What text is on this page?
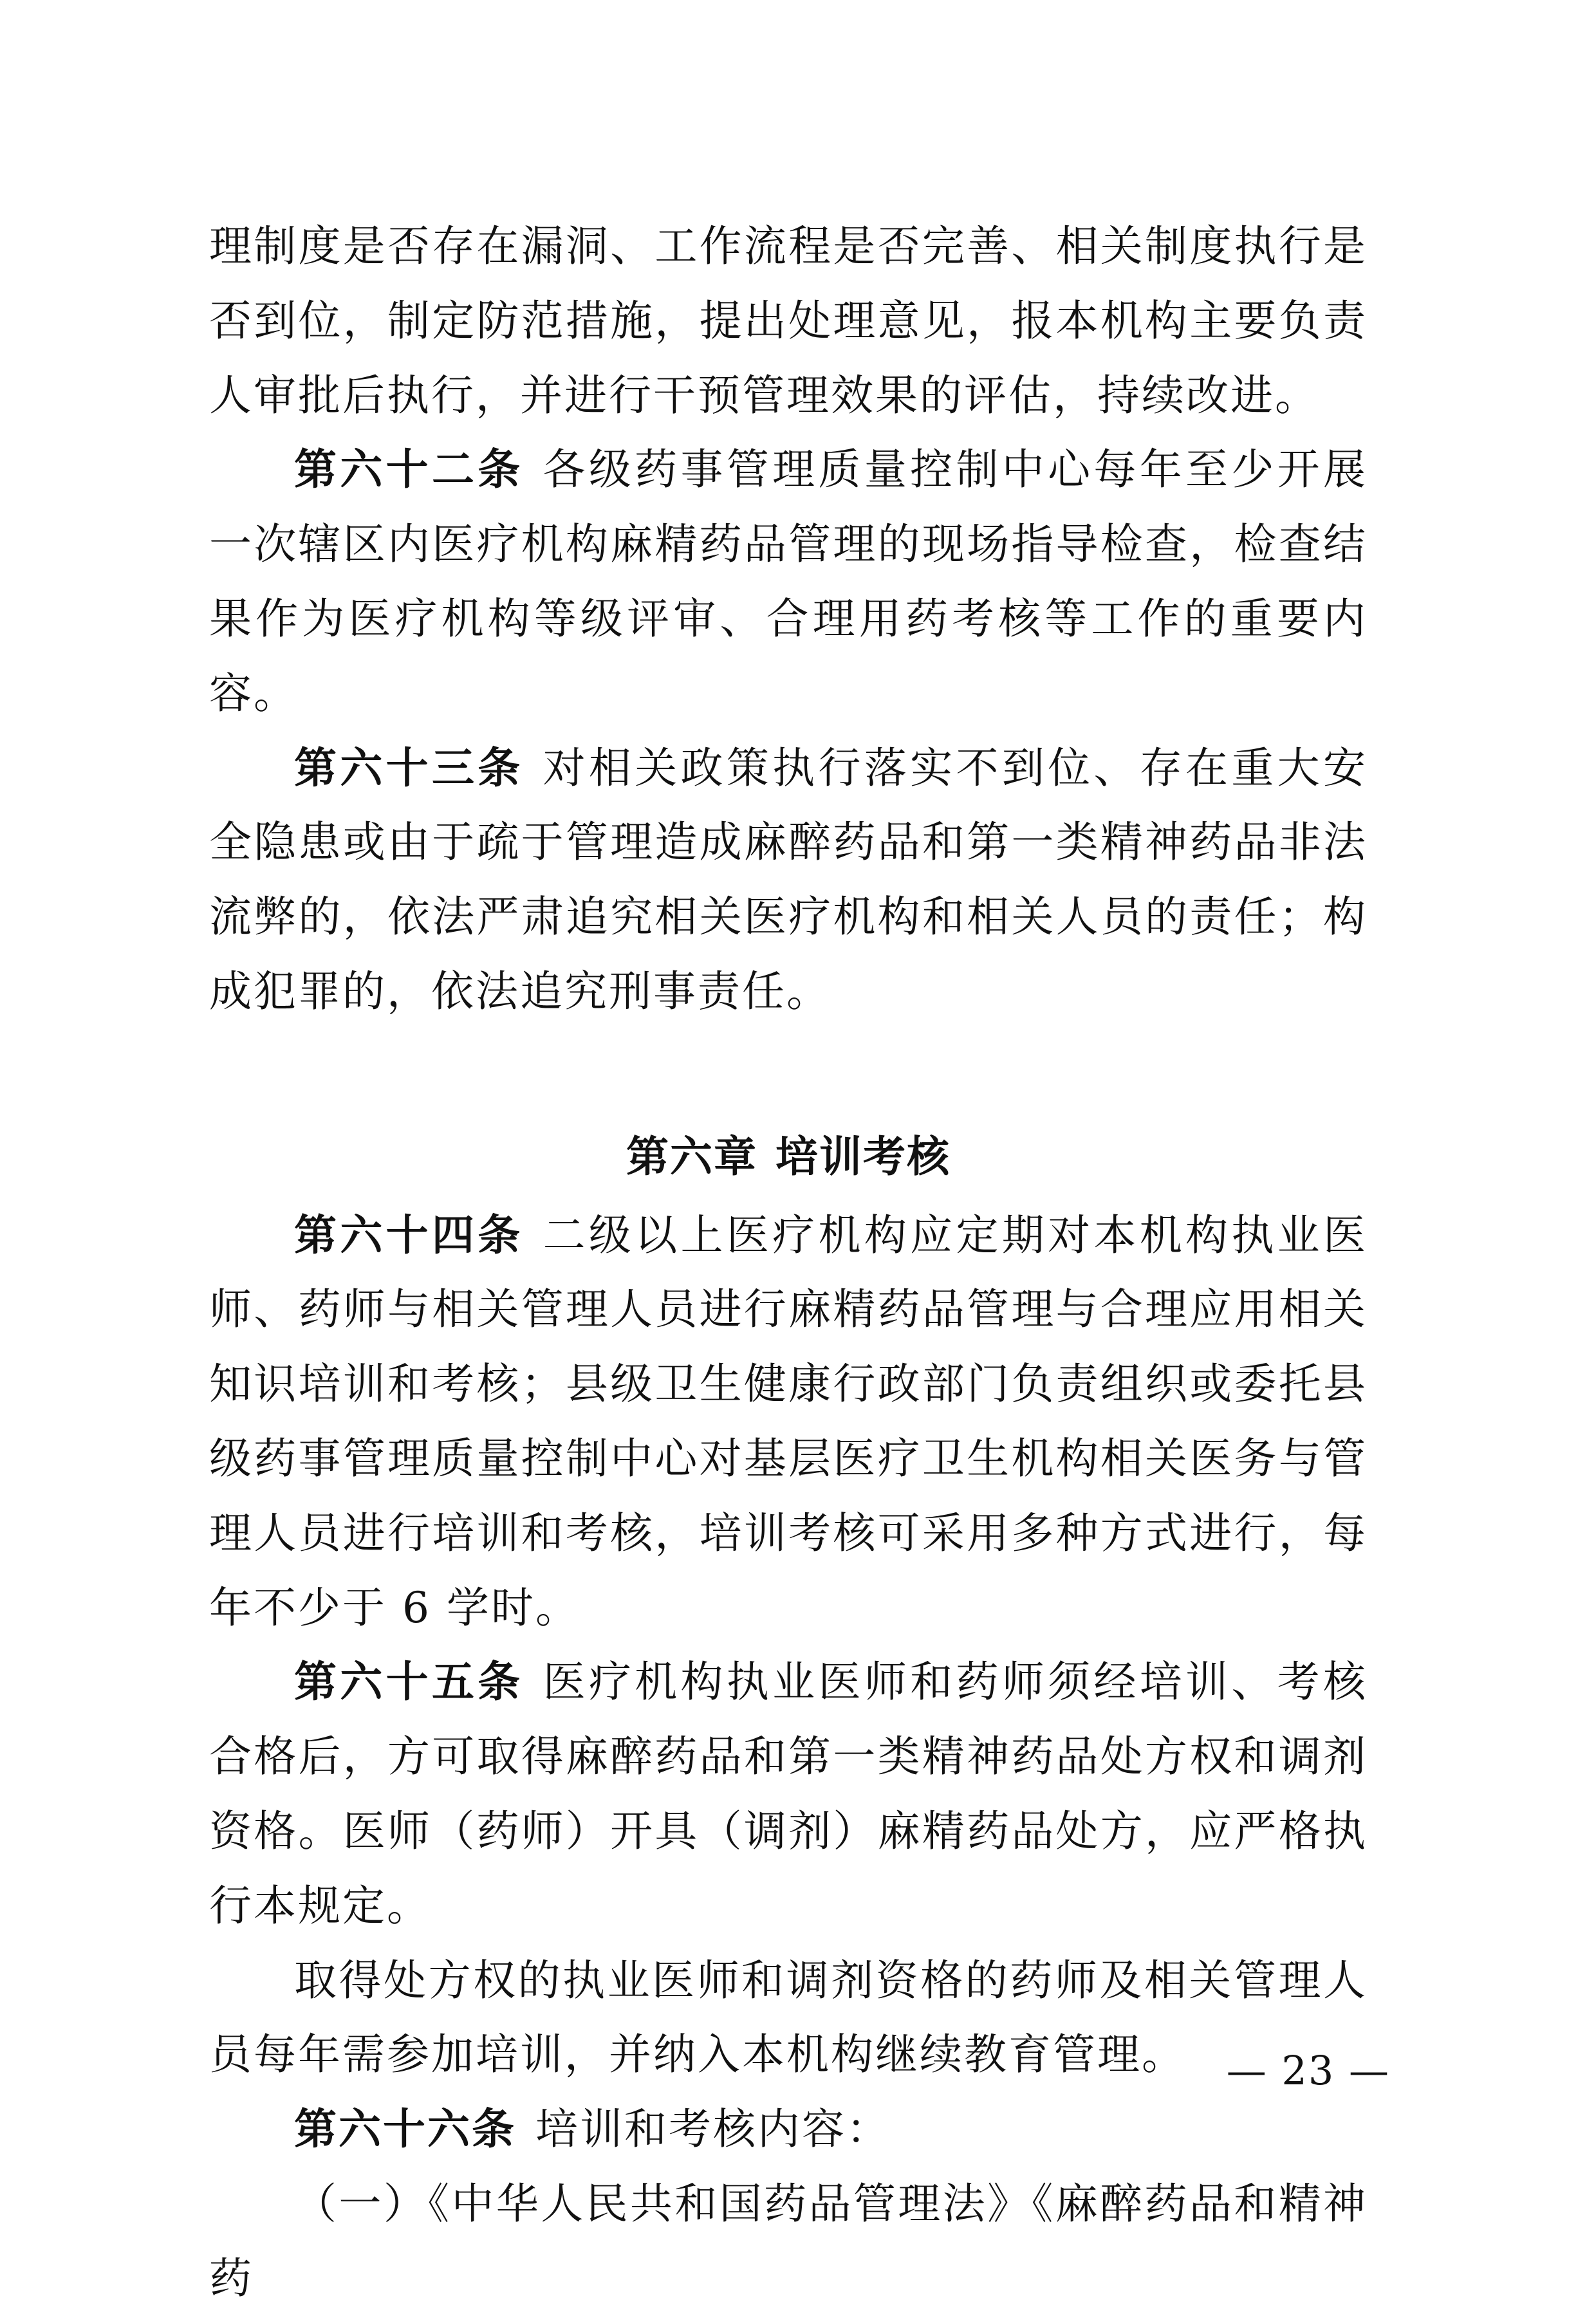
理制度是否存在漏洞、工作流程是否完善、相关制度执行是否到位，制定防范措施，提出处理意见，报本机构主要负责人审批后执行，并进行干预管理效果的评估，持续改进。

第六十二条 各级药事管理质量控制中心每年至少开展一次辖区内医疗机构麻精药品管理的现场指导检查，检查结果作为医疗机构等级评审、合理用药考核等工作的重要内容。

第六十三条 对相关政策执行落实不到位、存在重大安全隐患或由于疏于管理造成麻醉药品和第一类精神药品非法流弊的，依法严肃追究相关医疗机构和相关人员的责任；构成犯罪的，依法追究刑事责任。

第六章 培训考核

第六十四条 二级以上医疗机构应定期对本机构执业医师、药师与相关管理人员进行麻精药品管理与合理应用相关知识培训和考核；县级卫生健康行政部门负责组织或委托县级药事管理质量控制中心对基层医疗卫生机构相关医务与管理人员进行培训和考核，培训考核可采用多种方式进行，每年不少于 6 学时。

第六十五条 医疗机构执业医师和药师须经培训、考核合格后，方可取得麻醉药品和第一类精神药品处方权和调剂资格。医师（药师）开具（调剂）麻精药品处方，应严格执行本规定。

取得处方权的执业医师和调剂资格的药师及相关管理人员每年需参加培训，并纳入本机构继续教育管理。

第六十六条 培训和考核内容：

（一）《中华人民共和国药品管理法》《麻醉药品和精神药

— 23 —
